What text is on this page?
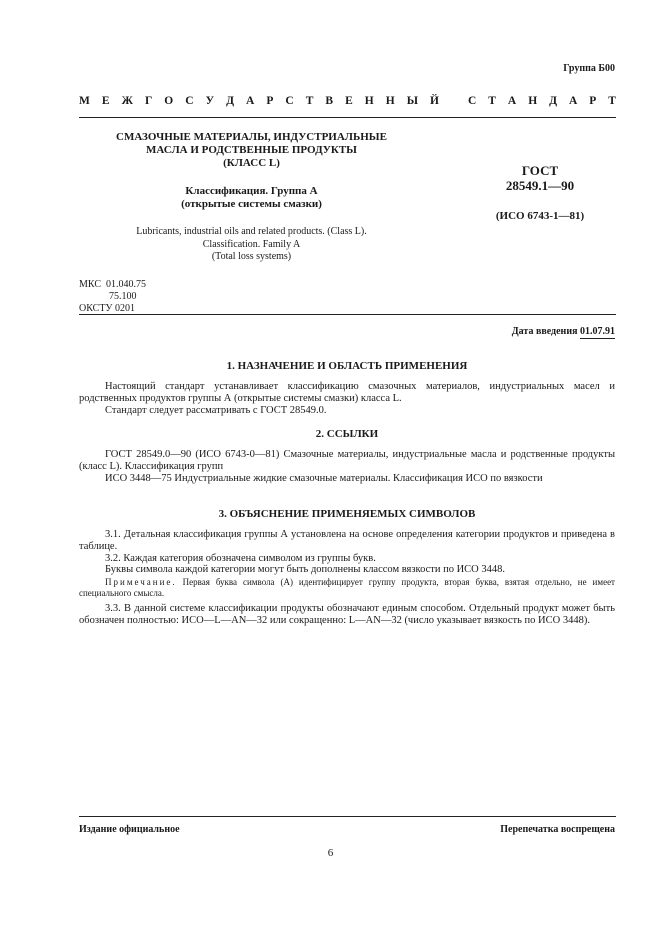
Группа Б00
М Е Ж Г О С У Д А Р С Т В Е Н Н Ы Й	С Т А Н Д А Р Т
СМАЗОЧНЫЕ МАТЕРИАЛЫ, ИНДУСТРИАЛЬНЫЕ
МАСЛА И РОДСТВЕННЫЕ ПРОДУКТЫ
(КЛАСС L)
Классификация. Группа А
(открытые системы смазки)
Lubricants, industrial oils and related products. (Class L).
Classification. Family A
(Total loss systems)
ГОСТ
28549.1—90
(ИСО 6743-1—81)
МКС 01.040.75
75.100
ОКСТУ 0201
Дата введения 01.07.91
1. НАЗНАЧЕНИЕ И ОБЛАСТЬ ПРИМЕНЕНИЯ
Настоящий стандарт устанавливает классификацию смазочных материалов, индустриальных масел и родственных продуктов группы А (открытые системы смазки) класса L.
Стандарт следует рассматривать с ГОСТ 28549.0.
2. ССЫЛКИ
ГОСТ 28549.0—90 (ИСО 6743-0—81) Смазочные материалы, индустриальные масла и родственные продукты (класс L). Классификация групп
ИСО 3448—75 Индустриальные жидкие смазочные материалы. Классификация ИСО по вязкости
3. ОБЪЯСНЕНИЕ ПРИМЕНЯЕМЫХ СИМВОЛОВ
3.1. Детальная классификация группы А установлена на основе определения категории продуктов и приведена в таблице.
3.2. Каждая категория обозначена символом из группы букв.
Буквы символа каждой категории могут быть дополнены классом вязкости по ИСО 3448.
Примечание. Первая буква символа (А) идентифицирует группу продукта, вторая буква, взятая отдельно, не имеет специального смысла.
3.3. В данной системе классификации продукты обозначают единым способом. Отдельный продукт может быть обозначен полностью: ИСО—L—AN—32 или сокращенно: L—AN—32 (число указывает вязкость по ИСО 3448).
Издание официальное	Перепечатка воспрещена
6
